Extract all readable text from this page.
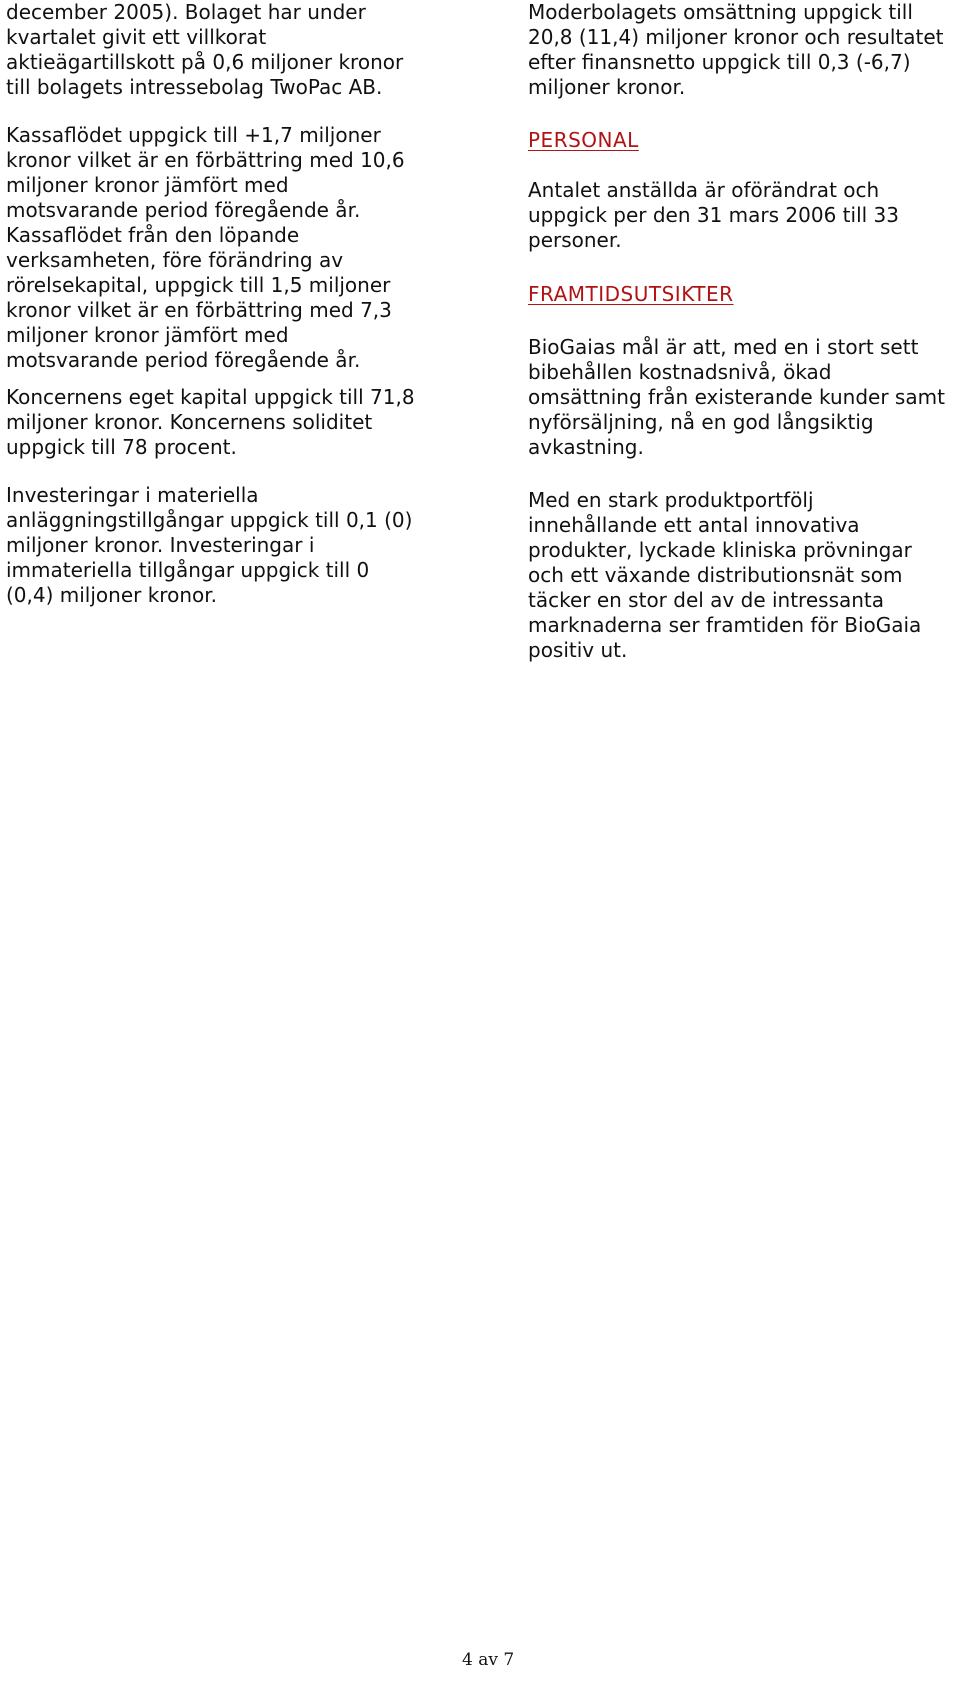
december 2005). Bolaget har under
kvartalet givit ett villkorat
aktieägartillskott på 0,6 miljoner kronor
till bolagets intressebolag TwoPac AB.

Kassaflödet uppgick till +1,7 miljoner
kronor vilket är en förbättring med 10,6
miljoner kronor jämfört med
motsvarande period föregående år.
Kassaflödet från den löpande
verksamheten, före förändring av
rörelsekapital, uppgick till 1,5 miljoner
kronor vilket är en förbättring med 7,3
miljoner kronor jämfört med
motsvarande period föregående år.

Koncernens eget kapital uppgick till 71,8
miljoner kronor. Koncernens soliditet
uppgick till 78 procent.

Investeringar i materiella
anläggningstillgångar uppgick till 0,1 (0)
miljoner kronor. Investeringar i
immateriella tillgångar uppgick till 0
(0,4) miljoner kronor.

Moderbolagets omsättning uppgick till
20,8 (11,4) miljoner kronor och resultatet
efter finansnetto uppgick till 0,3 (-6,7)
miljoner kronor.

PERSONAL

Antalet anställda är oförändrat och
uppgick per den 31 mars 2006 till 33
personer.

FRAMTIDSUTSIKTER

BioGaias mål är att, med en i stort sett
bibehållen kostnadsnivå, ökad
omsättning från existerande kunder samt
nyförsäljning, nå en god långsiktig
avkastning.

Med en stark produktportfölj
innehållande ett antal innovativa
produkter, lyckade kliniska prövningar
och ett växande distributionsnät som
täcker en stor del av de intressanta
marknaderna ser framtiden för BioGaia
positiv ut.

4 av 7
